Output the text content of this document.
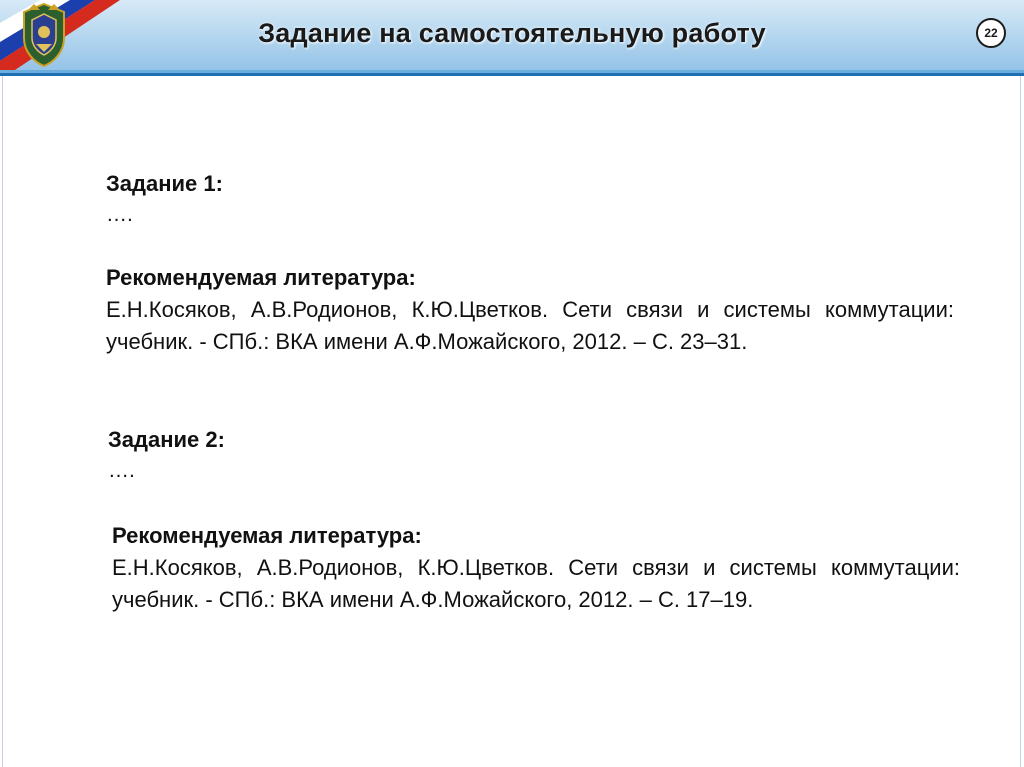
Задание на самостоятельную работу	22
Задание 1:
….
Рекомендуемая литература:
Е.Н.Косяков, А.В.Родионов, К.Ю.Цветков. Сети связи и системы коммутации: учебник. - СПб.: ВКА имени А.Ф.Можайского, 2012. – С. 23–31.
Задание 2:
….
Рекомендуемая литература:
Е.Н.Косяков, А.В.Родионов, К.Ю.Цветков. Сети связи и системы коммутации: учебник. - СПб.: ВКА имени А.Ф.Можайского, 2012. – С. 17–19.
